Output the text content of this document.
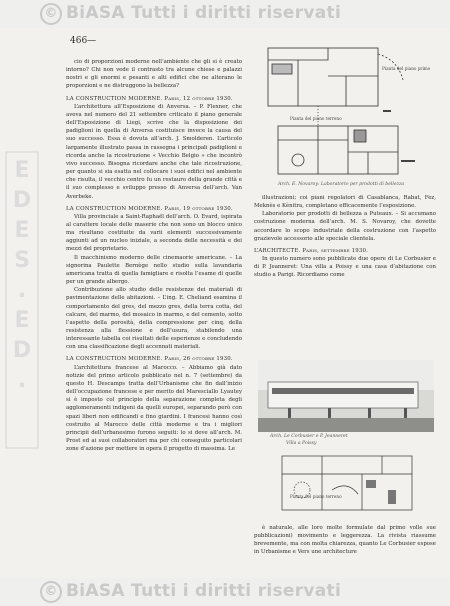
© BiASA Tutti i diritti riservati
E
D
E
S
.
E
D
.
466—

cio di proporzioni moderne nell’ambiente che gli si è creato intorno? Chi non vede il contrasto tra alcune chiese e palazzi nostri e gli enormi e pesanti e alti edifici che ne alterano le proporzioni e ne distruggono la bellezza?

LA CONSTRUCTION MODERNE. Paris, 12 ottobre 1930.

L’architettura all’Esposizione di Anversa. – P. Flexner, che aveva nel numero del 21 settembre criticato il piano generale dell’Esposizione di Liegi, scrive che la disposizione dei padiglioni in quella di Anversa costituisce invece la causa del suo successo. Essa è dovuta all’arch. J. Smolderen. L’articolo largamente illustrato passa in rassegna i principali padiglioni e ricorda anche la ricostruzione « Vecchio Belgio » che incontrò vivo successo. Bisogna ricordare anche che tale ricostruzione, per quanto si sia esatta nel collocare i suoi edifici nel ambiente che risulta, il vecchio centro fu un restauro della grande città e il suo complesso e sviluppo presso di Anversa dell’arch. Van Averbeke.

LA CONSTRUCTION MODERNE. Paris, 19 ottobre 1930.

Villa provinciale a Saint-Raphaël dell’arch. O. Evard, ispirata al carattere locale delle maserie che non sono un blocco unico ma risultano costituite da varii elementi successivamente aggiunti ad un nucleo iniziale, a seconda delle necessità e dei mezzi del proprietario.

Il macchinismo moderno delle cinemaorie americane. – La signorina Paulette Bernège nello studio sulla lavandaria americana tratta di quella famigliare e risolta l’esame di quelle per un grande albergo.

Contribuzione allo studio delle resistenze dei materiali di pavimentazione delle abitazioni. – L’ing. E. Cheliand esamina il comportamento del gres, del mezzo gres, della terra cotta, del calcare, del marmo, del mosaico in marmo, e del cemento, sotto l’aspetto della porosità, della compressione per cinq. della resistenza alla flessione e dell’usura, stabilendo una interessante tabella coi risultati delle esperienze e concludendo con una classificazione degli accennati materiali.

LA CONSTRUCTION MODERNE. Paris, 26 ottobre 1930.

L’architettura francese al Marocco. – Abbiamo già dato notizie del primo articolo pubblicato nel n. 7 (settembre) da questo H. Descamps tratta dell’Urbanisme che fin dall’inizio dell’occupazione francese e per merito del Maresciallo Lyautey si è imposto col principio della separazione completa degli agglomeramenti indigeni da quelli europei, separando però con spazi liberi non edificandi e fino giardini. I francesi hanno così costruito al Marocco delle città moderne e tra i migliori principii dell’urbanesimo furono seguiti: lo si deve all’arch. M. Prost ed ai suoi collaboratori ma per chi conseguito particolari zone d’azione per mettere in opera il progetto di massima. Le

Pianta del piano primo
Pianta del piano terreno
Arch. E. Novaroy: Laboratorio per prodotti di bellezza

illustrazioni; coi piani regolatori di Casablanca, Rabat, Fez, Meknès e Kénitra, completano efficacemente l’esposizione.

Laboratorio per prodotti di bellezza a Puteaux. – Si accumano costruzione moderna dell’arch. M. S. Novaroy, che dovette accordare lo scopo industriale della costruzione con l’aspetto grazievole accessorio alle speciale clientela.

L’ARCHITECTE. Paris, settembre 1930.

In questo numero sono pubblicate due opere di Le Corbusier e di P. Jeanneret: Una villa a Poissy e una casa d’abitazione con studio a Parigi. Ricordiamo come

Arch. Le Corbusier e P. Jeanneret
Villa a Poissy
Pianta del piano terreno

è naturale, alle loro molte formulate dal primo volle sue pubblicazioni) movimento e leggerezza. La rivista riassume brevemente, ma con molta chiarezza, quanto Le Corbusier espose in Urbanisme e Vers une architecture

© BiASA Tutti i diritti riservati
